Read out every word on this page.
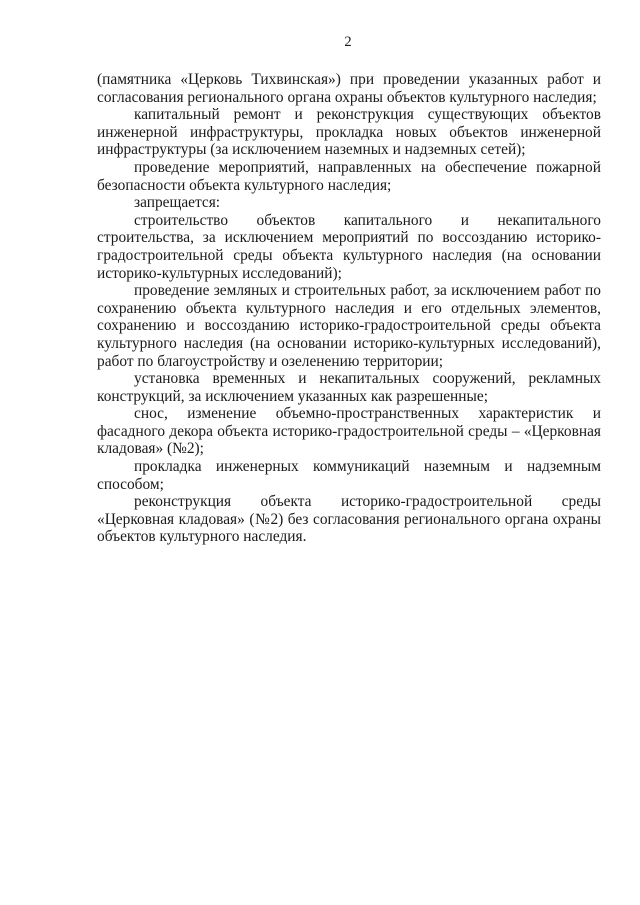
2

(памятника «Церковь Тихвинская») при проведении указанных работ и согласования регионального органа охраны объектов культурного наследия;

капитальный ремонт и реконструкция существующих объектов инженерной инфраструктуры, прокладка новых объектов инженерной инфраструктуры (за исключением наземных и надземных сетей);

проведение мероприятий, направленных на обеспечение пожарной безопасности объекта культурного наследия;

запрещается:

строительство объектов капитального и некапитального строительства, за исключением мероприятий по воссозданию историко-градостроительной среды объекта культурного наследия (на основании историко-культурных исследований);

проведение земляных и строительных работ, за исключением работ по сохранению объекта культурного наследия и его отдельных элементов, сохранению и воссозданию историко-градостроительной среды объекта культурного наследия (на основании историко-культурных исследований), работ по благоустройству и озеленению территории;

установка временных и некапитальных сооружений, рекламных конструкций, за исключением указанных как разрешенные;

снос, изменение объемно-пространственных характеристик и фасадного декора объекта историко-градостроительной среды – «Церковная кладовая» (№2);

прокладка инженерных коммуникаций наземным и надземным способом;

реконструкция объекта историко-градостроительной среды «Церковная кладовая» (№2) без согласования регионального органа охраны объектов культурного наследия.
